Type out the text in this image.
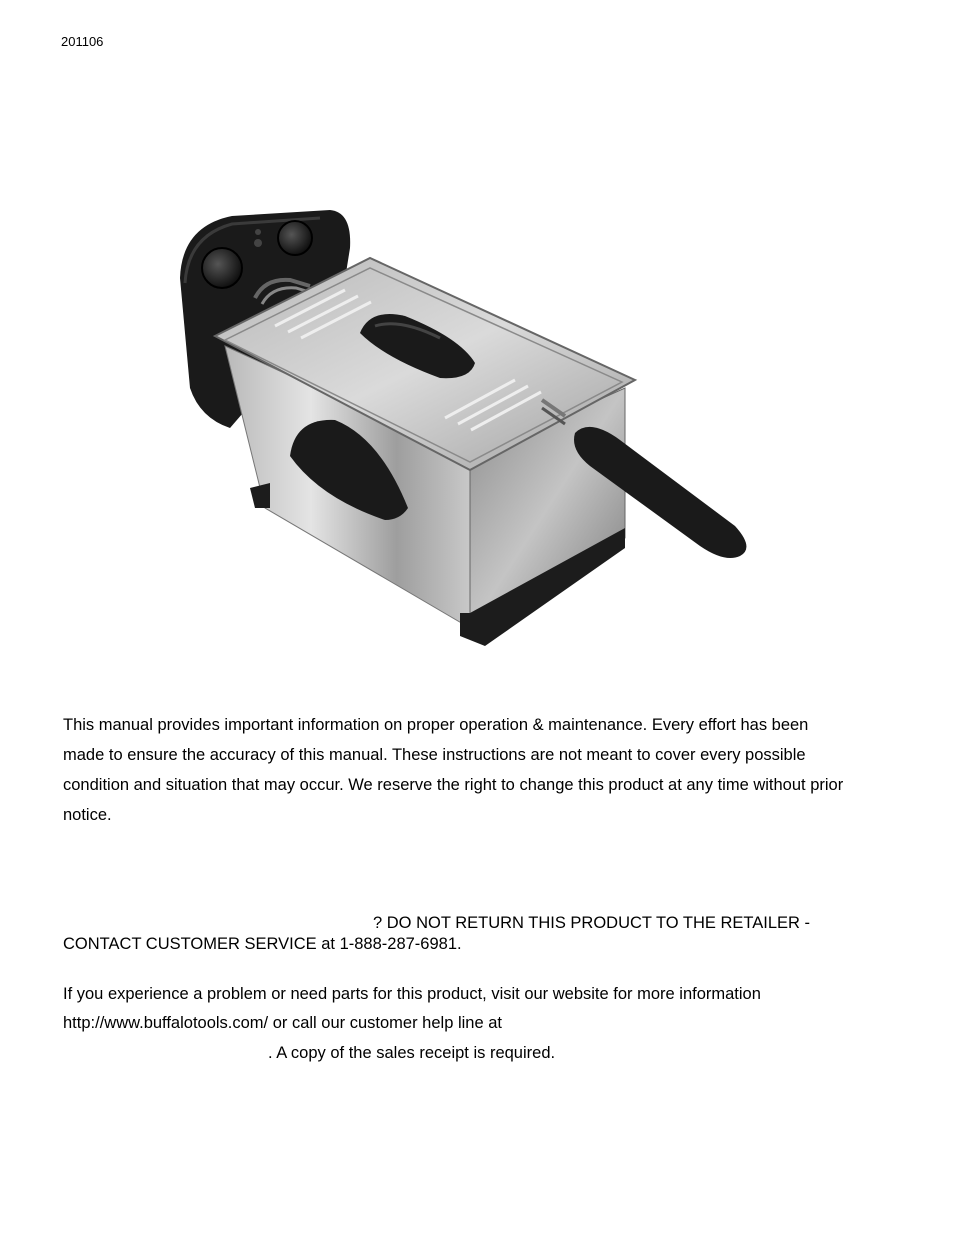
201106

This manual provides important information on proper operation & maintenance. Every effort has been made to ensure the accuracy of this manual. These instructions are not meant to cover every possible condition and situation that may occur. We reserve the right to change this product at any time without prior notice.

? DO NOT RETURN THIS PRODUCT TO THE RETAILER -
CONTACT CUSTOMER SERVICE at 1-888-287-6981.
If you experience a problem or need parts for this product, visit our website for more information
http://www.buffalotools.com/ or call our customer help line at
. A copy of the sales receipt is required.
